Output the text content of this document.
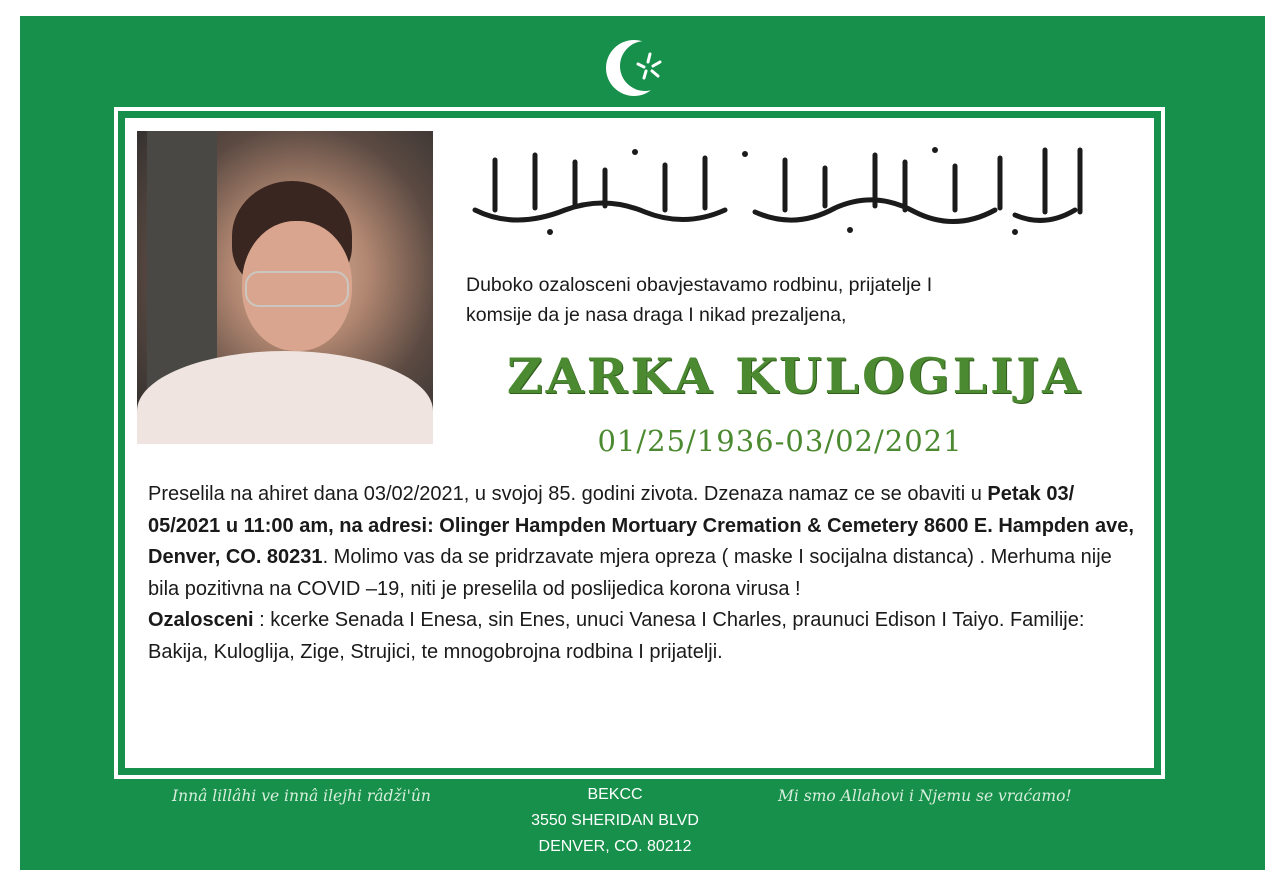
Duboko ozalosceni obavjestavamo rodbinu, prijatelje I
komsije da je nasa draga I nikad prezaljena,

ZARKA KULOGLIJA

01/25/1936-03/02/2021

Preselila na ahiret dana 03/02/2021, u svojoj 85. godini zivota. Dzenaza namaz ce se obaviti u Petak 03/ 05/2021 u 11:00 am, na adresi: Olinger Hampden Mortuary Cremation & Cemetery 8600 E. Hampden ave, Denver, CO. 80231. Molimo vas da se pridrzavate mjera opreza ( maske I socijalna distanca) . Merhuma nije bila pozitivna na COVID –19, niti je preselila od poslijedica korona virusa !
Ozalosceni : kcerke Senada I Enesa, sin Enes, unuci Vanesa I Charles, praunuci Edison I Taiyo. Familije: Bakija, Kuloglija, Zige, Strujici, te mnogobrojna rodbina I prijatelji.

Innâ lillâhi ve innâ ilejhi râdži'ûn	BEKCC
3550 SHERIDAN BLVD
DENVER, CO. 80212

Mi smo Allahovi i Njemu se vraćamo!
